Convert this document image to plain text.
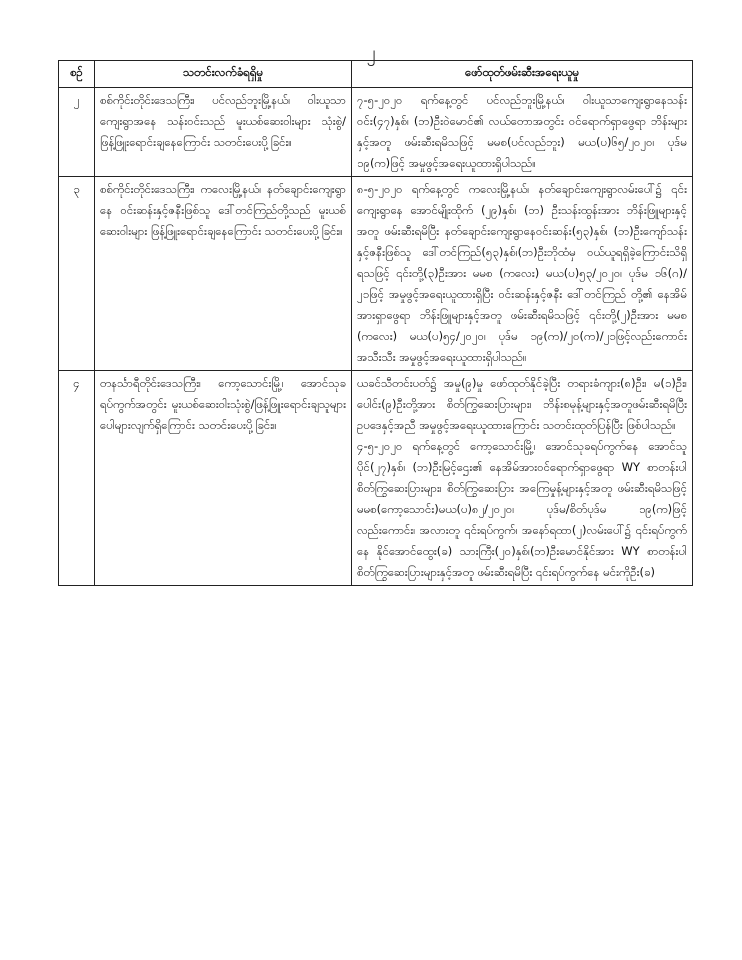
၂
စဉ်	သတင်းလက်ခံရရှိမှု	ဖော်ထုတ်ဖမ်းဆီးအရေးယူမှု
၂	စစ်ကိုင်းတိုင်းဒေသကြီး၊ ပင်လည်ဘူးမြို့နယ်၊ ဝါးယူသာကျေးရွာအနေ သန်းဝင်းသည် မူးယစ်ဆေးဝါးများ သုံးစွဲ/ဖြန့်ဖြူးရောင်းချနေကြောင်း သတင်းပေးပို့ခြင်း။	၇-၅-၂၀၂၀ ရက်နေ့တွင် ပင်လည်ဘူးမြို့နယ်၊ ဝါးယူသာကျေးရွာနေသန်းဝင်း(၄၇)နှစ်၊ (ဘ)ဦးဝဲမောင်၏ လယ်တောအတွင်း ဝင်ရောက်ရှာဖွေရာ ဘိန်းများနှင့်အတူ ဖမ်းဆီးရမိသဖြင့် မမစ(ပင်လည်ဘူး) မယ(ပ)၆၅/၂၀၂၀၊ ပုဒ်မ ၁၉(က)ဖြင့် အမှုဖွင့်အရေးယူထားရှိပါသည်။

၃	စစ်ကိုင်းတိုင်းဒေသကြီး၊ ကလေးမြို့နယ်၊ နတ်ချောင်းကျေးရွာနေ ဝင်းဆန်းနှင့်ဇနီးဖြစ်သူ ဒေါ်တင်ကြည်တို့သည် မူးယစ်ဆေးဝါးများ ဖြန့်ဖြူးရောင်းချနေကြောင်း သတင်းပေးပို့ခြင်း။	၈-၅-၂၀၂၀ ရက်နေ့တွင် ကလေးမြို့နယ်၊ နတ်ချောင်းကျေးရွာလမ်းပေါ်၌ ၎င်းကျေးရွာနေ အောင်မျိုးထိုက် (၂၉)နှစ်၊ (ဘ) ဦးသန်းထွန်းအား ဘိန်းဖြူများနှင့်အတူ ဖမ်းဆီးရမိပြီး နတ်ချောင်းကျေးရွာနေဝင်းဆန်း(၅၃)နှစ်၊ (ဘ)ဦးကျော်သန်းနှင့်ဇနီးဖြစ်သူ ဒေါ်တင်ကြည်(၅၃)နှစ်၊(ဘ)ဦးဘိုထံမှ ဝယ်ယူရရှိခဲ့ကြောင်းသိရှိရသဖြင့် ၎င်းတို့(၃)ဦးအား မမစ (ကလေး) မယ(ပ)၅၃/၂၀၂၀၊ ပုဒ်မ ၁၆(ဂ)/၂၁ဖြင့် အမှုဖွင့်အရေးယူထားရှိပြီး ဝင်းဆန်းနှင့်ဇနီး ဒေါ်တင်ကြည် တို့၏ နေအိမ်အားရှာဖွေရာ ဘိန်းဖြူများနှင့်အတူ ဖမ်းဆီးရမိသဖြင့် ၎င်းတို့(၂)ဦးအား မမစ (ကလေး) မယ(ပ)၅၄/၂၀၂၀၊ ပုဒ်မ ၁၉(က)/၂၀(က)/၂၁ဖြင့်လည်းကောင်း အသီးသီး အမှုဖွင့်အရေးယူထားရှိပါသည်။

၄	တနင်္သာရီတိုင်းဒေသကြီး၊ ကော့သောင်းမြို့၊ အောင်သုခရပ်ကွက်အတွင်း မူးယစ်ဆေးဝါးသုံးစွဲ/ဖြန့်ဖြူးရောင်းချသူများ ပေါများလျက်ရှိကြောင်း သတင်းပေးပို့ခြင်း။	ယခင်သီတင်းပတ်၌ အမှု(၉)မှု ဖော်ထုတ်နိုင်ခဲ့ပြီး တရားခံကျား(၈)ဦး၊ မ(၁)ဦး၊ ပေါင်း(၉)ဦးတို့အား စိတ်ကြွဆေးပြားများ၊ ဘိန်းစမုန့်များနှင့်အတူဖမ်းဆီးရမိပြီး ဥပဒေနှင့်အညီ အမှုဖွင့်အရေးယူထားကြောင်း သတင်းထုတ်ပြန်ပြီး ဖြစ်ပါသည်။
၄-၅-၂၀၂၀ ရက်နေ့တွင် ကော့သောင်းမြို့၊ အောင်သုခရပ်ကွက်နေ အောင်သူပိုင်(၂၇)နှစ်၊ (ဘ)ဦးမြင့်ဌေး၏ နေအိမ်အားဝင်ရောက်ရှာဖွေရာ WY စာတန်းပါစိတ်ကြွဆေးပြားများ၊ စိတ်ကြွဆေးပြား အကြေမှုန့်များနှင့်အတူ ဖမ်းဆီးရမိသဖြင့် မမစ(ကော့သောင်း)မယ(ပ)၈၂/၂၀၂၀၊ ပုဒ်မ/စိတ်ပုဒ်မ ၁၉(က)ဖြင့်လည်းကောင်း၊ အလားတူ ၎င်းရပ်ကွက်၊ အနော်ရထာ(၂)လမ်းပေါ်၌ ၎င်းရပ်ကွက်နေ နိုင်အောင်ထွေး(ခ) သားကြီး(၂၀)နှစ်၊(ဘ)ဦးမောင်နိုင်အား WY စာတန်းပါ စိတ်ကြွဆေးပြားများနှင့်အတူ ဖမ်းဆီးရမိပြီး ၎င်းရပ်ကွက်နေ မင်းကိုဦး(ခ)
